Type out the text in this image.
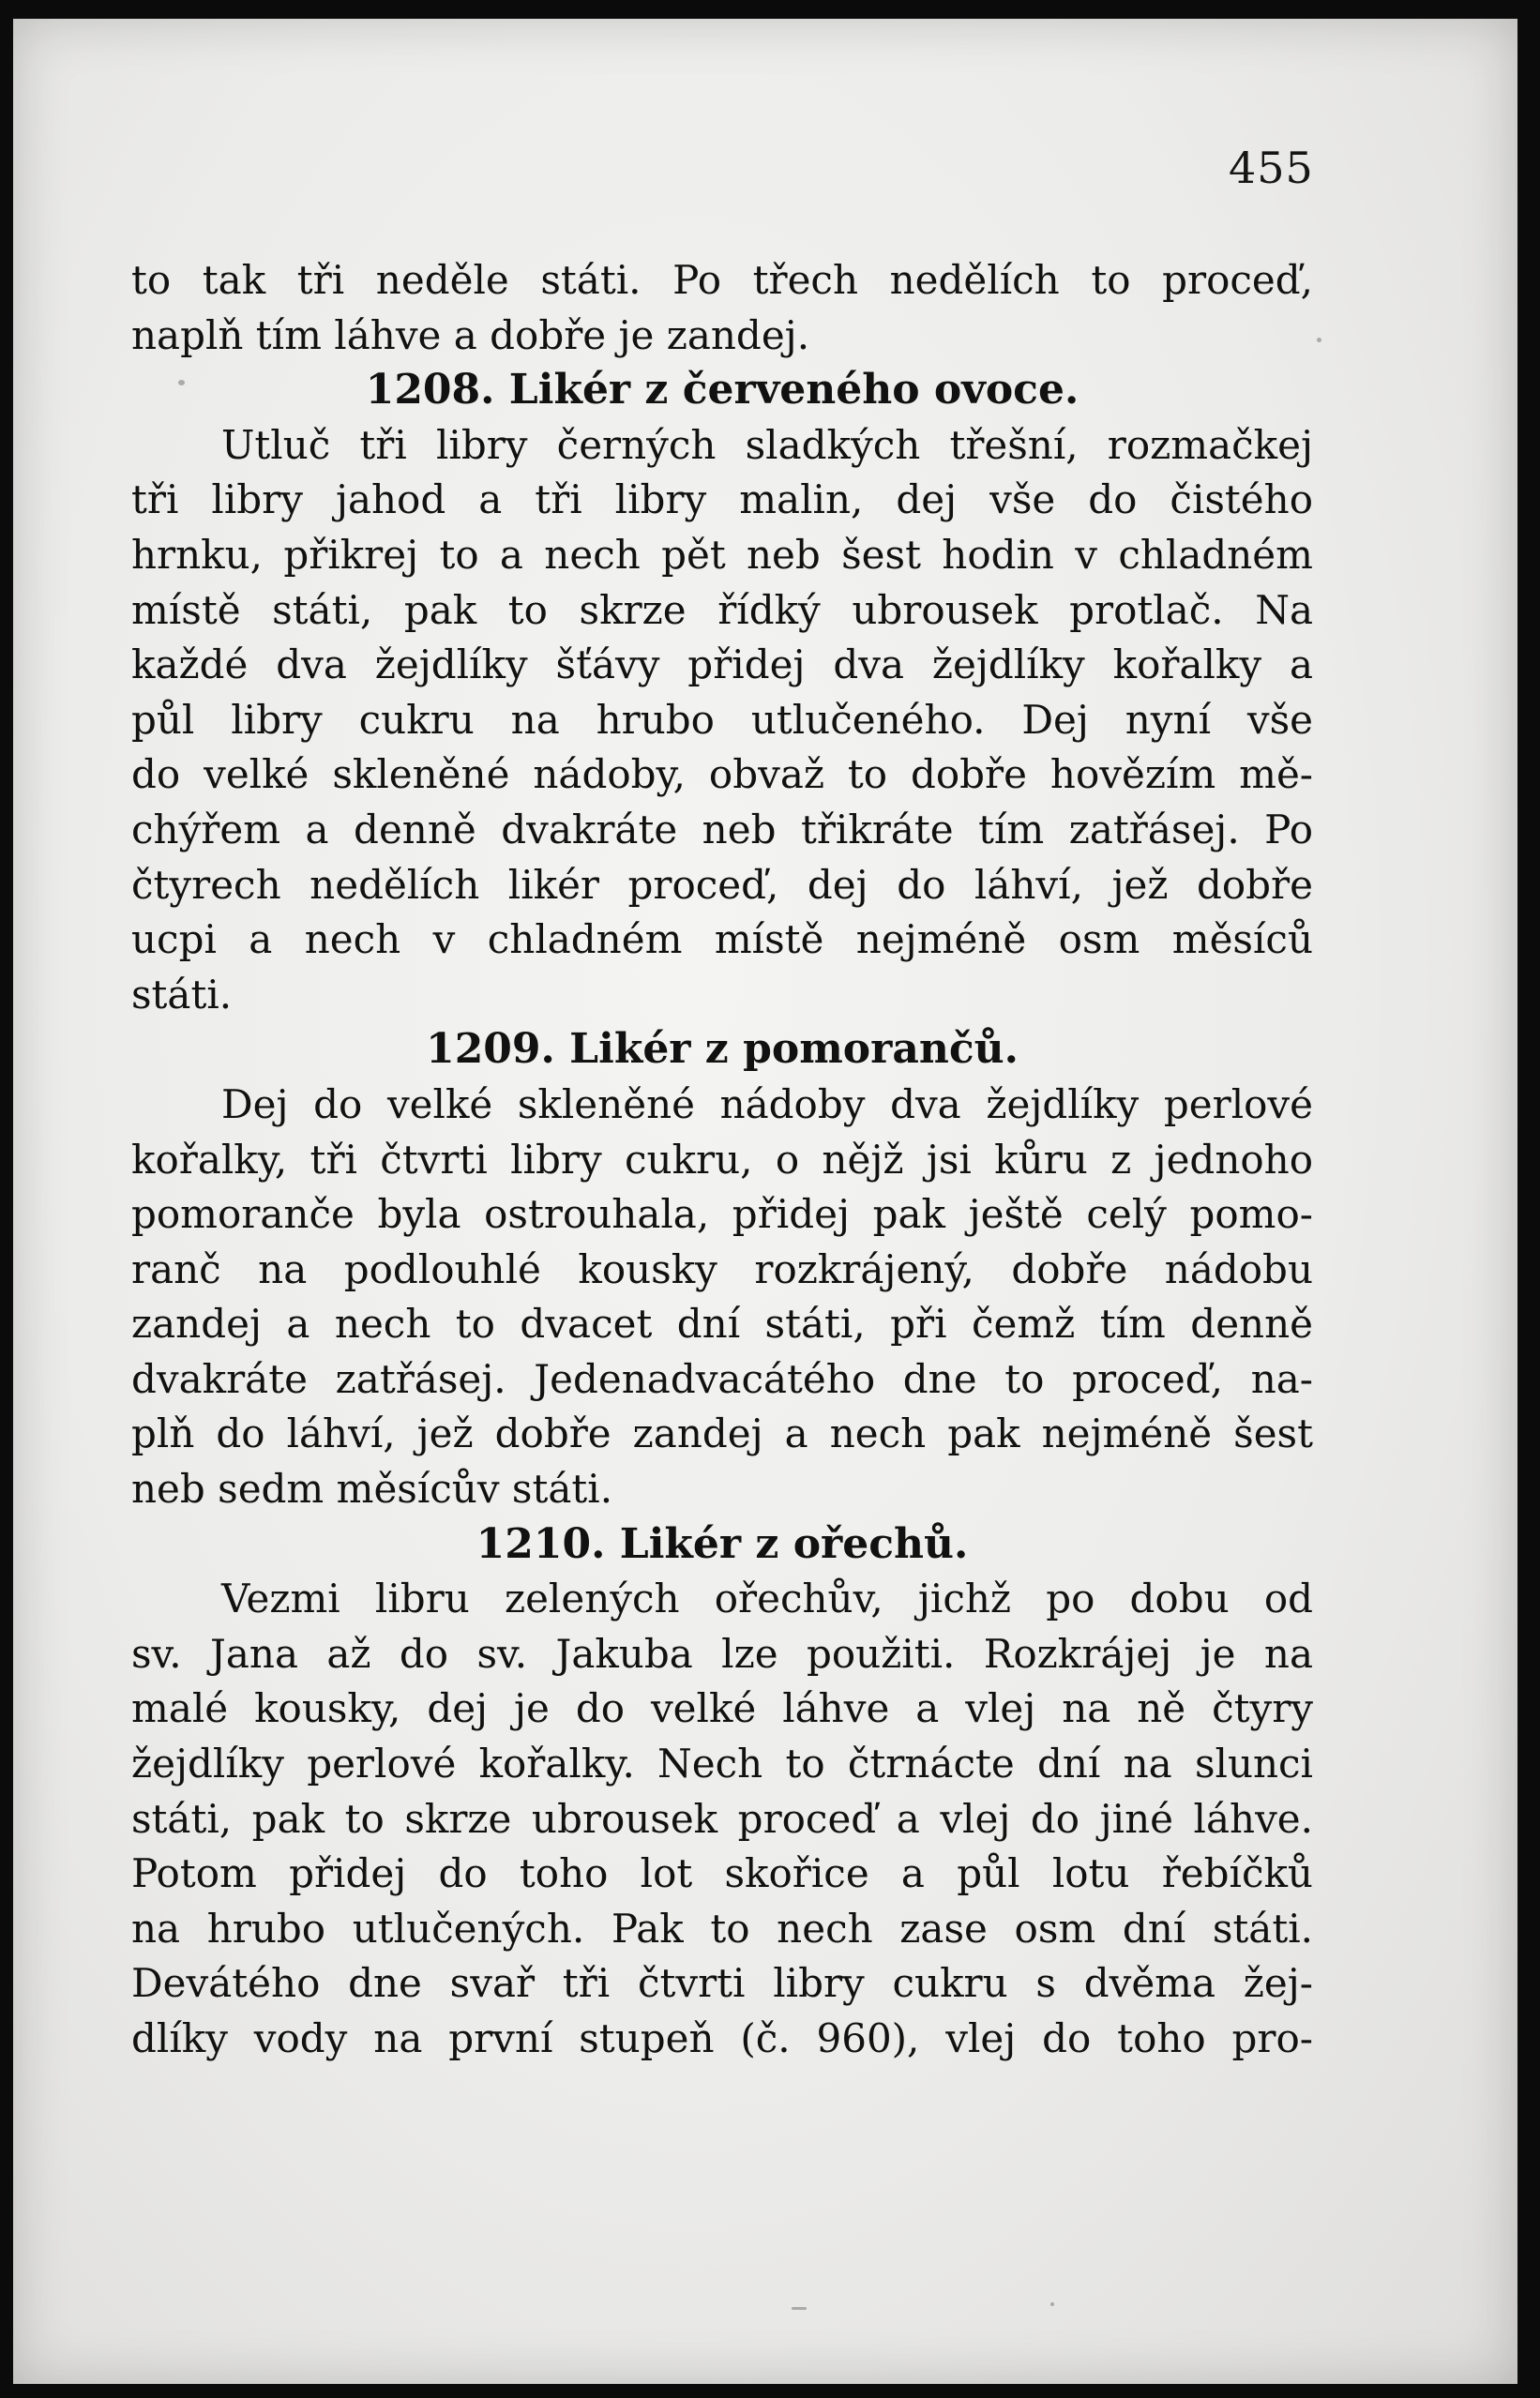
455
to tak tři neděle státi. Po třech nedělích to proceď,
naplň tím láhve a dobře je zandej.
1208. Likér z červeného ovoce.
Utluč tři libry černých sladkých třešní, rozmačkej
tři libry jahod a tři libry malin, dej vše do čistého
hrnku, přikrej to a nech pět neb šest hodin v chladném
místě státi, pak to skrze řídký ubrousek protlač. Na
každé dva žejdlíky šťávy přidej dva žejdlíky kořalky a
půl libry cukru na hrubo utlučeného. Dej nyní vše
do velké skleněné nádoby, obvaž to dobře hovězím mě-
chýřem a denně dvakráte neb třikráte tím zatřásej. Po
čtyrech nedělích likér proceď, dej do láhví, jež dobře
ucpi a nech v chladném místě nejméně osm měsíců
státi.
1209. Likér z pomorančů.
Dej do velké skleněné nádoby dva žejdlíky perlové
kořalky, tři čtvrti libry cukru, o nějž jsi kůru z jednoho
pomoranče byla ostrouhala, přidej pak ještě celý pomo-
ranč na podlouhlé kousky rozkrájený, dobře nádobu
zandej a nech to dvacet dní státi, při čemž tím denně
dvakráte zatřásej. Jedenadvacátého dne to proceď, na-
plň do láhví, jež dobře zandej a nech pak nejméně šest
neb sedm měsícův státi.
1210. Likér z ořechů.
Vezmi libru zelených ořechův, jichž po dobu od
sv. Jana až do sv. Jakuba lze použiti. Rozkrájej je na
malé kousky, dej je do velké láhve a vlej na ně čtyry
žejdlíky perlové kořalky. Nech to čtrnácte dní na slunci
státi, pak to skrze ubrousek proceď a vlej do jiné láhve.
Potom přidej do toho lot skořice a půl lotu řebíčků
na hrubo utlučených. Pak to nech zase osm dní státi.
Devátého dne svař tři čtvrti libry cukru s dvěma žej-
dlíky vody na první stupeň (č. 960), vlej do toho pro-
